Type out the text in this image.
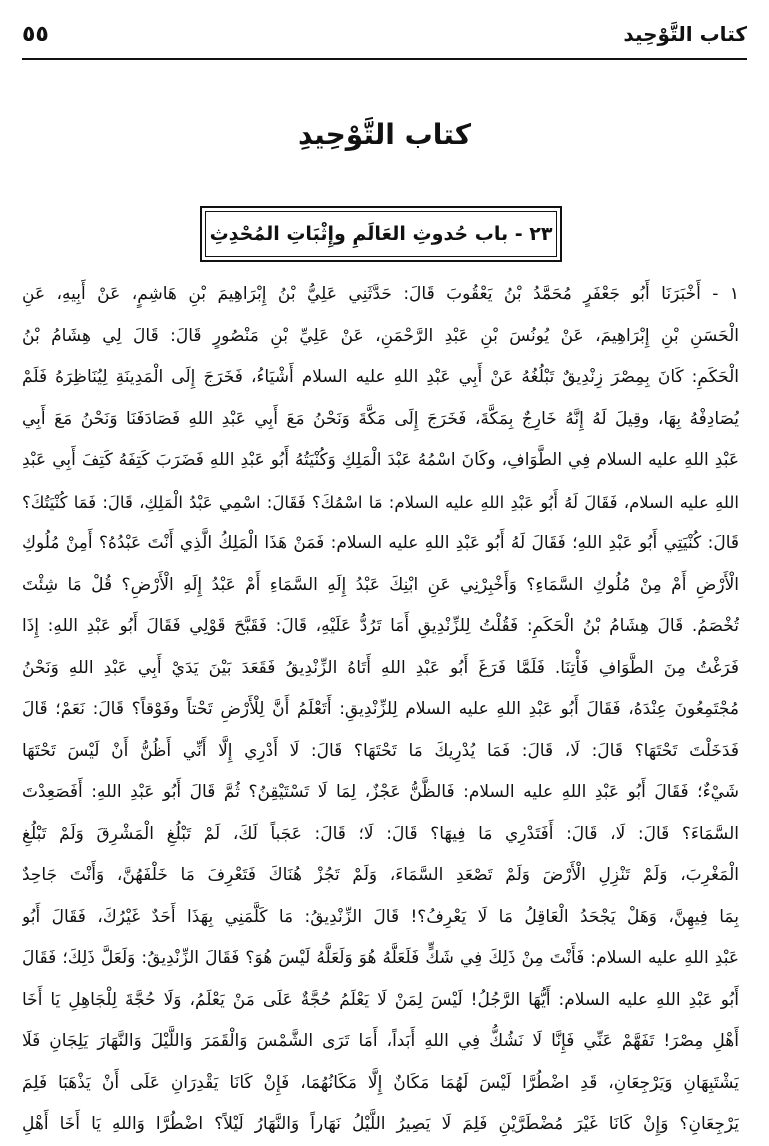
كتاب التَّوْحِيد
٥٥
كتاب التَّوْحِيدِ
٢٣ - باب حُدوثِ العَالَمِ وإِثْبَاتِ المُحْدِثِ
١ - أَخْبَرَنَا أَبُو جَعْفَرٍ مُحَمَّدُ بْنُ يَعْقُوبَ قَالَ: حَدَّثَنِي عَلِيُّ بْنُ إِبْرَاهِيمَ بْنِ هَاشِمٍ، عَنْ أَبِيهِ، عَنِ
الْحَسَنِ بْنِ إِبْرَاهِيمَ، عَنْ يُونُسَ بْنِ عَبْدِ الرَّحْمَنِ، عَنْ عَلِيِّ بْنِ مَنْصُورٍ قَالَ: قَالَ لِي هِشَامُ بْنُ
الْحَكَمِ: كَانَ بِمِصْرَ زِنْدِيقٌ تَبْلُغُهُ عَنْ أَبِي عَبْدِ اللهِ عليه السلام أَشْيَاءُ، فَخَرَجَ إِلَى الْمَدِينَةِ لِيُنَاظِرَهُ فَلَمْ
يُصَادِفْهُ بِهَا، وقِيلَ لَهُ إِنَّهُ خَارِجٌ بِمَكَّةَ، فَخَرَجَ إِلَى مَكَّةَ وَنَحْنُ مَعَ أَبِي عَبْدِ اللهِ فَصَادَفَنَا وَنَحْنُ مَعَ أَبِي
عَبْدِ اللهِ عليه السلام فِي الطَّوَافِ، وكَانَ اسْمُهُ عَبْدَ الْمَلِكِ وَكُنْيَتُهُ أَبُو عَبْدِ اللهِ فَضَرَبَ كَتِفَهُ كَتِفَ أَبِي عَبْدِ
اللهِ عليه السلام، فَقَالَ لَهُ أَبُو عَبْدِ اللهِ عليه السلام: مَا اسْمُكَ؟ فَقَالَ: اسْمِي عَبْدُ الْمَلِكِ، قَالَ: فَمَا كُنْيَتُكَ؟
قَالَ: كُنْيَتِي أَبُو عَبْدِ اللهِ؛ فَقَالَ لَهُ أَبُو عَبْدِ اللهِ عليه السلام: فَمَنْ هَذَا الْمَلِكُ الَّذِي أَنْتَ عَبْدُهُ؟ أَمِنْ مُلُوكِ
الْأَرْضِ أَمْ مِنْ مُلُوكِ السَّمَاءِ؟ وَأَخْبِرْنِي عَنِ ابْنِكَ عَبْدُ إِلَهِ السَّمَاءِ أَمْ عَبْدُ إِلَهِ الْأَرْضِ؟ قُلْ مَا شِئْتَ
تُخْصَمُ. قَالَ هِشَامُ بْنُ الْحَكَمِ: فَقُلْتُ لِلزِّنْدِيقِ أَمَا تَرُدُّ عَلَيْهِ، قَالَ: فَقَبَّحَ قَوْلِي فَقَالَ أَبُو عَبْدِ اللهِ: إِذَا
فَرَغْتُ مِنَ الطَّوَافِ فَأْتِنَا. فَلَمَّا فَرَغَ أَبُو عَبْدِ اللهِ أَتَاهُ الزِّنْدِيقُ فَقَعَدَ بَيْنَ يَدَيْ أَبِي عَبْدِ اللهِ وَنَحْنُ
مُجْتَمِعُونَ عِنْدَهُ، فَقَالَ أَبُو عَبْدِ اللهِ عليه السلام لِلزِّنْدِيقِ: أَتَعْلَمُ أَنَّ لِلْأَرْضِ تَحْتاً وفَوْقاً؟ قَالَ: نَعَمْ؛ قَالَ
فَدَخَلْتَ تَحْتَهَا؟ قَالَ: لَا، قَالَ: فَمَا يُدْرِيكَ مَا تَحْتَهَا؟ قَالَ: لَا أَدْرِي إِلَّا أَنِّي أَظُنُّ أَنْ لَيْسَ تَحْتَهَا
شَيْءٌ؛ فَقَالَ أَبُو عَبْدِ اللهِ عليه السلام: فَالظَّنُّ عَجْزٌ، لِمَا لَا تَسْتَيْقِنُ؟ ثُمَّ قَالَ أَبُو عَبْدِ اللهِ: أَفَصَعِدْتَ
السَّمَاءَ؟ قَالَ: لَا، قَالَ: أَفَتَدْرِي مَا فِيهَا؟ قَالَ: لَا؛ قَالَ: عَجَباً لَكَ، لَمْ تَبْلُغِ الْمَشْرِقَ وَلَمْ تَبْلُغِ
الْمَغْرِبَ، وَلَمْ تَنْزِلِ الْأَرْضَ وَلَمْ تَصْعَدِ السَّمَاءَ، وَلَمْ تَجُزْ هُنَاكَ فَتَعْرِفَ مَا خَلْفَهُنَّ، وَأَنْتَ جَاحِدٌ
بِمَا فِيهِنَّ، وَهَلْ يَجْحَدُ الْعَاقِلُ مَا لَا يَعْرِفُ؟! قَالَ الزِّنْدِيقُ: مَا كَلَّمَنِي بِهَذَا أَحَدٌ غَيْرُكَ، فَقَالَ أَبُو
عَبْدِ اللهِ عليه السلام: فَأَنْتَ مِنْ ذَلِكَ فِي شَكٍّ فَلَعَلَّهُ هُوَ وَلَعَلَّهُ لَيْسَ هُوَ؟ فَقَالَ الزِّنْدِيقُ: وَلَعَلَّ ذَلِكَ؛ فَقَالَ
أَبُو عَبْدِ اللهِ عليه السلام: أَيُّهَا الرَّجُلُ! لَيْسَ لِمَنْ لَا يَعْلَمُ حُجَّةٌ عَلَى مَنْ يَعْلَمُ، وَلَا حُجَّةَ لِلْجَاهِلِ يَا أَخَا
أَهْلِ مِصْرَ! تَفَهَّمْ عَنِّي فَإِنَّا لَا نَشُكُّ فِي اللهِ أَبَداً، أَمَا تَرَى الشَّمْسَ وَالْقَمَرَ وَاللَّيْلَ وَالنَّهَارَ يَلِجَانِ فَلَا
يَشْتَبِهَانِ وَيَرْجِعَانِ، قَدِ اضْطُرَّا لَيْسَ لَهُمَا مَكَانٌ إِلَّا مَكَانُهُمَا، فَإِنْ كَانَا يَقْدِرَانِ عَلَى أَنْ يَذْهَبَا فَلِمَ
يَرْجِعَانِ؟ وَإِنْ كَانَا غَيْرَ مُضْطَرَّيْنِ فَلِمَ لَا يَصِيرُ اللَّيْلُ نَهَاراً وَالنَّهَارُ لَيْلاً؟ اضْطُرَّا وَاللهِ يَا أَخَا أَهْلِ
